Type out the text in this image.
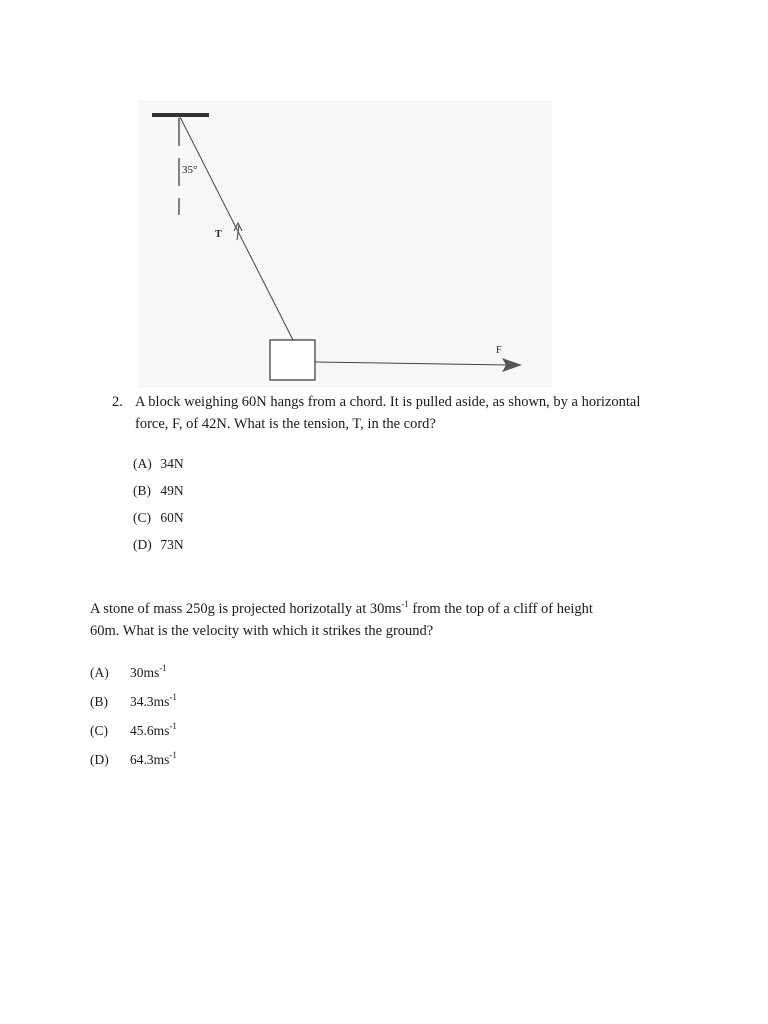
35°
T
F
2. A block weighing 60N hangs from a chord. It is pulled aside, as shown, by a horizontal
force, F, of 42N. What is the tension, T, in the cord?
(A) 34N
(B) 49N
(C) 60N
(D) 73N
A stone of mass 250g is projected horizotally at $30ms^{-1}$ from the top of a cliff of height
60m. What is the velocity with which it strikes the ground?
(A) $30ms^{-1}$
(B) $34.3ms^{-1}$
(C) $45.6ms^{-1}$
(D) $64.3ms^{-1}$
